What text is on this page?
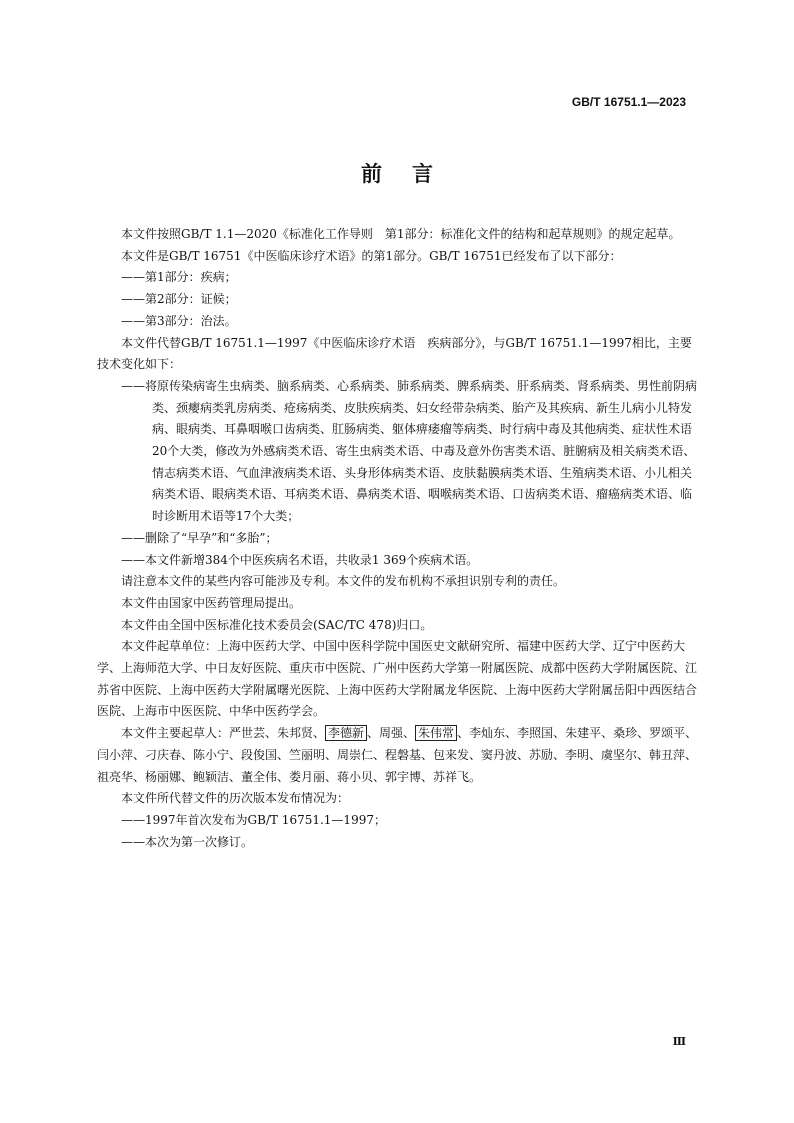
GB/T 16751.1—2023
前言

本文件按照GB/T 1.1—2020《标准化工作导则　第1部分：标准化文件的结构和起草规则》的规定起草。

本文件是GB/T 16751《中医临床诊疗术语》的第1部分。GB/T 16751已经发布了以下部分：

——第1部分：疾病；

——第2部分：证候；

——第3部分：治法。

本文件代替GB/T 16751.1—1997《中医临床诊疗术语　疾病部分》，与GB/T 16751.1—1997相比，主要技术变化如下：

——将原传染病寄生虫病类、脑系病类、心系病类、肺系病类、脾系病类、肝系病类、肾系病类、男性前阴病类、颈瘿病类乳房病类、疮疡病类、皮肤疾病类、妇女经带杂病类、胎产及其疾病、新生儿病小儿特发病、眼病类、耳鼻咽喉口齿病类、肛肠病类、躯体痹痿瘤等病类、时行病中毒及其他病类、症状性术语20个大类，修改为外感病类术语、寄生虫病类术语、中毒及意外伤害类术语、脏腑病及相关病类术语、情志病类术语、气血津液病类术语、头身形体病类术语、皮肤黏膜病类术语、生殖病类术语、小儿相关病类术语、眼病类术语、耳病类术语、鼻病类术语、咽喉病类术语、口齿病类术语、瘤癌病类术语、临时诊断用术语等17个大类；

——删除了“早孕”和“多胎”；

——本文件新增384个中医疾病名术语，共收录1 369个疾病术语。

请注意本文件的某些内容可能涉及专利。本文件的发布机构不承担识别专利的责任。

本文件由国家中医药管理局提出。

本文件由全国中医标准化技术委员会(SAC/TC 478)归口。

本文件起草单位：上海中医药大学、中国中医科学院中国医史文献研究所、福建中医药大学、辽宁中医药大学、上海师范大学、中日友好医院、重庆市中医院、广州中医药大学第一附属医院、成都中医药大学附属医院、江苏省中医院、上海中医药大学附属曙光医院、上海中医药大学附属龙华医院、上海中医药大学附属岳阳中西医结合医院、上海市中医医院、中华中医药学会。

本文件主要起草人：严世芸、朱邦贤、 李德新 、周强、 朱伟常 、李灿东、李照国、朱建平、桑珍、罗颂平、闫小萍、刁庆春、陈小宁、段俊国、竺丽明、周崇仁、程磐基、包来发、窦丹波、苏励、李明、虞坚尔、韩丑萍、祖亮华、杨丽娜、鲍颖洁、董全伟、娄月丽、蒋小贝、郭宇博、苏祥飞。

本文件所代替文件的历次版本发布情况为：

——1997年首次发布为GB/T 16751.1—1997；

——本次为第一次修订。

Ⅲ
